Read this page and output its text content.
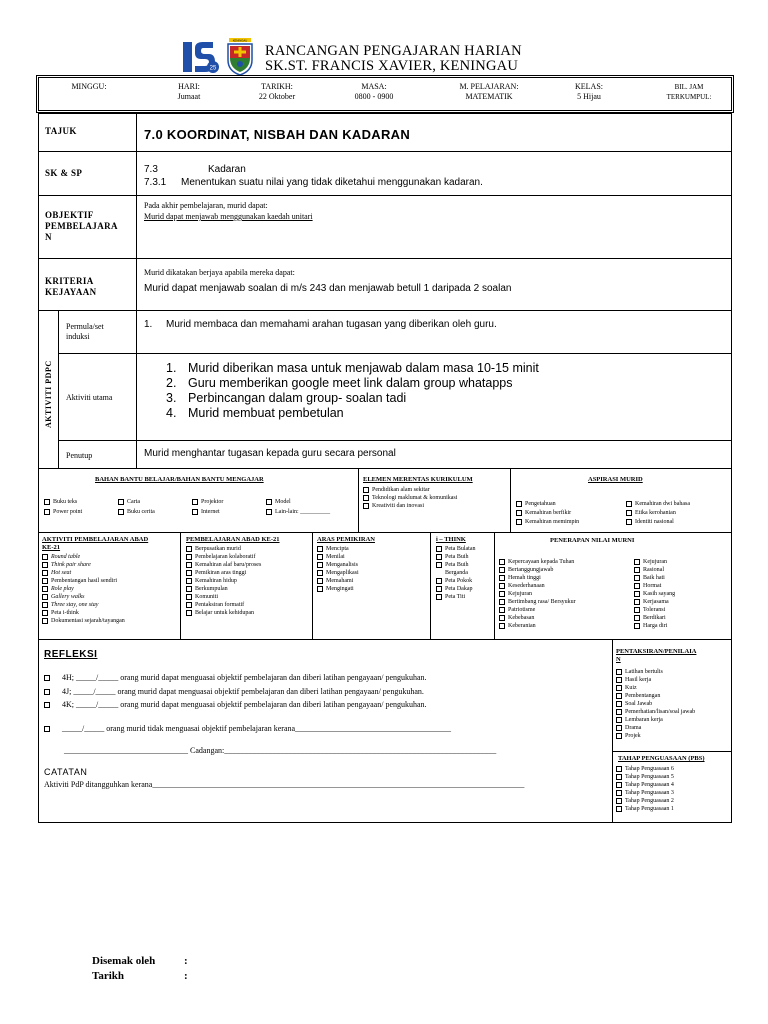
25
KENINGAU
RANCANGAN PENGAJARAN HARIAN
SK.ST. FRANCIS XAVIER, KENINGAU
MINGGU:	HARI:
Jumaat
TARIKH:
22 Oktober
MASA:
0800 - 0900
M. PELAJARAN:
MATEMATIK
KELAS:
5 Hijau
BIL. JAM
TERKUMPUL:
TAJUK	7.0 KOORDINAT, NISBAH DAN KADARAN
SK & SP	7.3	Kadaran
7.3.1 Menentukan suatu nilai yang tidak diketahui menggunakan kadaran.
OBJEKTIF
PEMBELAJARA
N
Pada akhir pembelajaran, murid dapat:
Murid dapat menjawab menggunakan kaedah unitari
KRITERIA
KEJAYAAN
Murid dikatakan berjaya apabila mereka dapat:
Murid dapat menjawab soalan di m/s 243 dan menjawab betull 1 daripada 2 soalan
AKTIVITI PDPC
Permula/set
induksi
1. Murid membaca dan memahami arahan tugasan yang diberikan oleh guru.
Aktiviti utama
1. Murid diberikan masa untuk menjawab dalam masa 10-15 minit
2. Guru memberikan google meet link dalam group whatapps
3. Perbincangan dalam group- soalan tadi
4. Murid membuat pembetulan
Penutup	Murid menghantar tugasan kepada guru secara personal
BAHAN BANTU BELAJAR/BAHAN BANTU MENGAJAR
Buku teks	Carta	Projektor	Model
Power point	Buku cerita	Internet	Lain-lain: __________
ELEMEN MERENTAS KURIKULUM
Pendidikan alam sekitar
Teknologi maklumat & komunikasi
Kreativiti dan inovasi
ASPIRASI MURID
Pengetahuan	Kemahiran dwi bahasa
Kemahiran berfikir	Etika kerohanian
Kemahiran memimpin	Identiti nasional
AKTIVITI PEMBELAJARAN ABAD
KE-21
Round table
Think pair share
Hot seat
Pembentangan hasil sendiri
Role play
Gallery walks
Three stay, one stay
Peta i-think
Dokumentasi sejarah/tayangan
PEMBELAJARAN ABAD KE-21
Berpusatkan murid
Pembelajaran kolaboratif
Kemahiran alaf baru/proses
Pemikiran aras tinggi
Kemahiran hidup
Berkumpulan
Komuniti
Pentaksiran formatif
Belajar untuk kehidupan
ARAS PEMIKIRAN
Mencipta
Menilai
Menganalisis
Mengaplikasi
Memahami
Mengingati
i – THINK
Peta Bulatan
Peta Buih
Peta Buih
Berganda
Peta Pokok
Peta Dakap
Peta Titi
PENERAPAN NILAI MURNI
Kepercayaan kepada Tuhan
Bertanggungjawab
Hemah tinggi
Kesederhanaan
Kejujuran
Bertimbang rasa/ Bersyukur
Patriotisme
Kebebasan
Keberanian
Kejujuran
Rasional
Baik hati
Hormat
Kasih sayang
Kerjasama
Toleransi
Berdikari
Harga diri
REFLEKSI
4H; _____/_____ orang murid dapat menguasai objektif pembelajaran dan diberi latihan pengayaan/ pengukuhan.
4J; _____/_____ orang murid dapat menguasai objektif pembelajaran dan diberi latihan pengayaan/ pengukuhan.
4K; _____/_____ orang murid dapat menguasai objektif pembelajaran dan diberi latihan pengayaan/ pengukuhan.
_____/_____ orang murid tidak menguasai objektif pembelajaran kerana_______________________________________
_______________________________ Cadangan:____________________________________________________________________
CATATAN
Aktiviti PdP ditangguhkan kerana_____________________________________________________________________________________________
PENTAKSIRAN/PENILAIA
N
Latihan bertulis
Hasil kerja
Kuiz
Pembentangan
Soal Jawab
Pemerhatian/lisan/soal jawab
Lembaran kerja
Drama
Projek
TAHAP PENGUASAAN (PBS)
Tahap Penguasaan 6
Tahap Penguasaan 5
Tahap Penguasaan 4
Tahap Penguasaan 3
Tahap Penguasaan 2
Tahap Penguasaan 1
Disemak oleh	:
Tarikh	:
